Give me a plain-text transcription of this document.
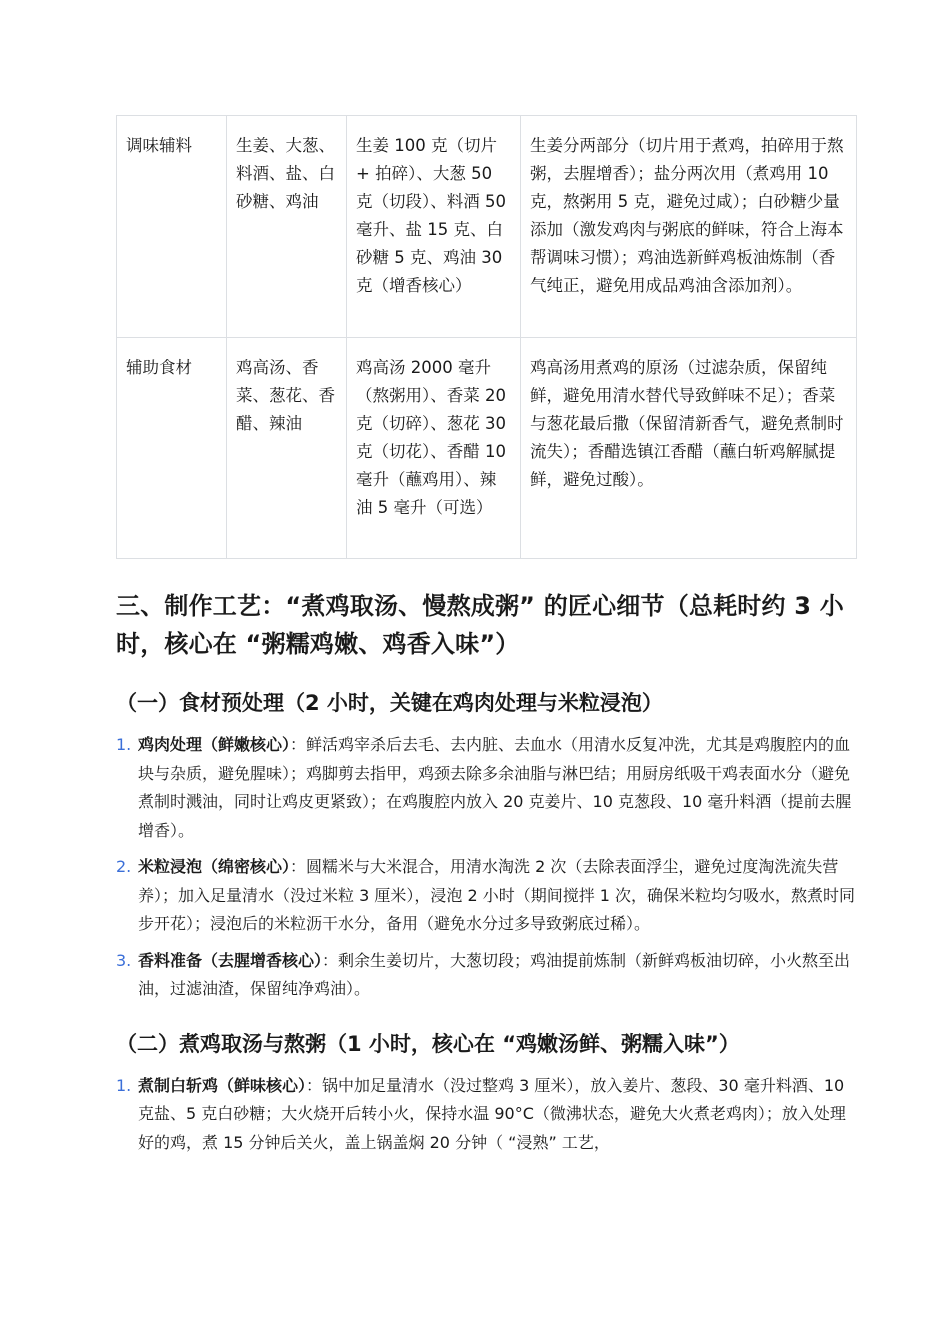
调味辅料	生姜、大葱、料酒、盐、白砂糖、鸡油	生姜 100 克（切片 + 拍碎）、大葱 50 克（切段）、料酒 50 毫升、盐 15 克、白砂糖 5 克、鸡油 30 克（增香核心）	生姜分两部分（切片用于煮鸡，拍碎用于熬粥，去腥增香）；盐分两次用（煮鸡用 10 克，熬粥用 5 克，避免过咸）；白砂糖少量添加（激发鸡肉与粥底的鲜味，符合上海本帮调味习惯）；鸡油选新鲜鸡板油炼制（香气纯正，避免用成品鸡油含添加剂）。
辅助食材	鸡高汤、香菜、葱花、香醋、辣油	鸡高汤 2000 毫升（熬粥用）、香菜 20 克（切碎）、葱花 30 克（切花）、香醋 10 毫升（蘸鸡用）、辣油 5 毫升（可选）	鸡高汤用煮鸡的原汤（过滤杂质，保留纯鲜，避免用清水替代导致鲜味不足）；香菜与葱花最后撒（保留清新香气，避免煮制时流失）；香醋选镇江香醋（蘸白斩鸡解腻提鲜，避免过酸）。
三、制作工艺：“煮鸡取汤、慢熬成粥” 的匠心细节（总耗时约 3 小时，核心在 “粥糯鸡嫩、鸡香入味”）
（一）食材预处理（2 小时，关键在鸡肉处理与米粒浸泡）
1. 鸡肉处理（鲜嫩核心）：鲜活鸡宰杀后去毛、去内脏、去血水（用清水反复冲洗，尤其是鸡腹腔内的血块与杂质，避免腥味）；鸡脚剪去指甲，鸡颈去除多余油脂与淋巴结；用厨房纸吸干鸡表面水分（避免煮制时溅油，同时让鸡皮更紧致）；在鸡腹腔内放入 20 克姜片、10 克葱段、10 毫升料酒（提前去腥增香）。
2. 米粒浸泡（绵密核心）：圆糯米与大米混合，用清水淘洗 2 次（去除表面浮尘，避免过度淘洗流失营养）；加入足量清水（没过米粒 3 厘米），浸泡 2 小时（期间搅拌 1 次，确保米粒均匀吸水，熬煮时同步开花）；浸泡后的米粒沥干水分，备用（避免水分过多导致粥底过稀）。
3. 香料准备（去腥增香核心）：剩余生姜切片，大葱切段；鸡油提前炼制（新鲜鸡板油切碎，小火熬至出油，过滤油渣，保留纯净鸡油）。
（二）煮鸡取汤与熬粥（1 小时，核心在 “鸡嫩汤鲜、粥糯入味”）
1. 煮制白斩鸡（鲜味核心）：锅中加足量清水（没过整鸡 3 厘米），放入姜片、葱段、30 毫升料酒、10 克盐、5 克白砂糖；大火烧开后转小火，保持水温 90°C（微沸状态，避免大火煮老鸡肉）；放入处理好的鸡，煮 15 分钟后关火，盖上锅盖焖 20 分钟（ “浸熟” 工艺，
